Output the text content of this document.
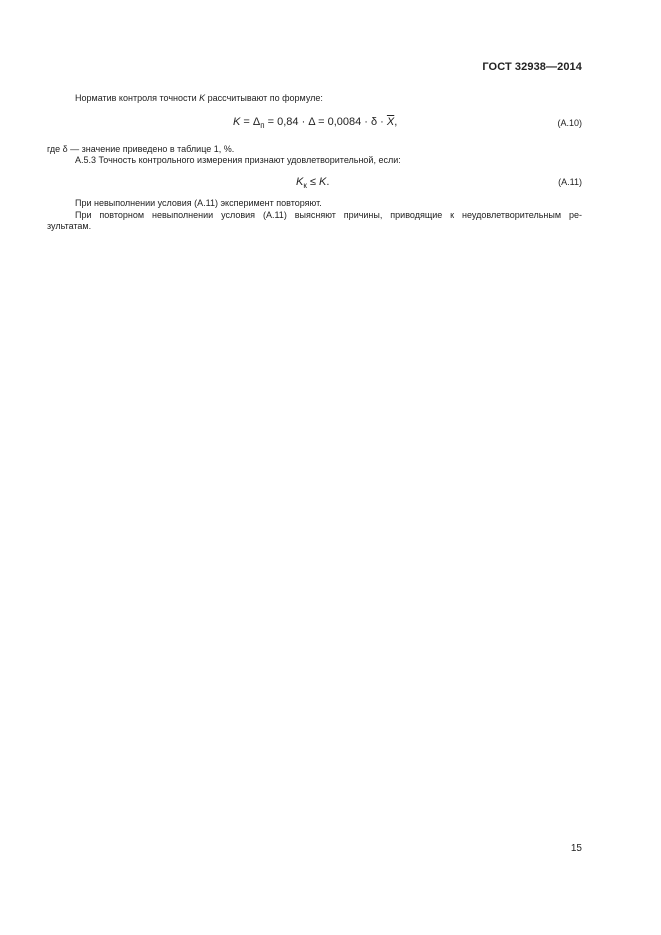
ГОСТ 32938—2014
Норматив контроля точности K рассчитывают по формуле:
$K = \Delta_п = 0,84 \cdot \Delta = 0,0084 \cdot \delta \cdot \overline{X}$,	(А.10)
где δ — значение приведено в таблице 1, %.
А.5.3 Точность контрольного измерения признают удовлетворительной, если:
$K_к \le K$.	(А.11)
При невыполнении условия (А.11) эксперимент повторяют.
При повторном невыполнении условия (А.11) выясняют причины, приводящие к неудовлетворительным ре-
зультатам.
15
